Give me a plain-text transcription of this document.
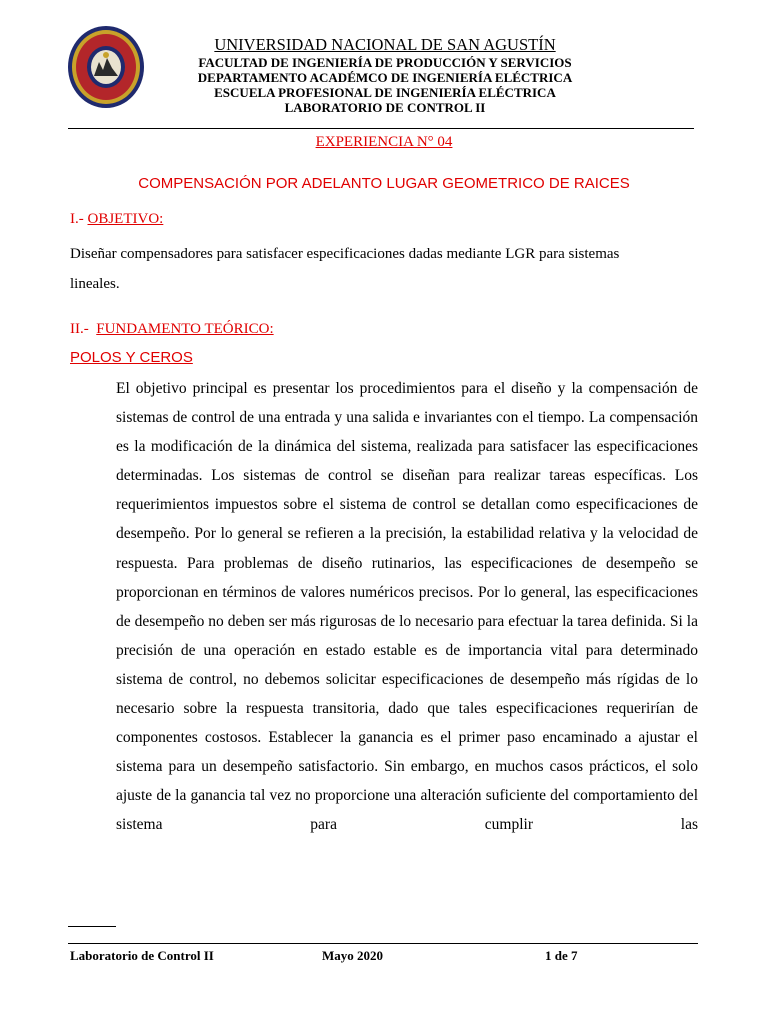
UNIVERSIDAD NACIONAL DE SAN AGUSTÍN
FACULTAD DE INGENIERÍA DE PRODUCCIÓN Y SERVICIOS
DEPARTAMENTO ACADÉMCO DE INGENIERÍA ELÉCTRICA
ESCUELA PROFESIONAL DE INGENIERÍA ELÉCTRICA
LABORATORIO DE CONTROL II
EXPERIENCIA N° 04
COMPENSACIÓN POR ADELANTO LUGAR GEOMETRICO DE RAICES
I.- OBJETIVO:

Diseñar compensadores para satisfacer especificaciones dadas mediante LGR para sistemas lineales.

II.- FUNDAMENTO TEÓRICO:
POLOS Y CEROS

El objetivo principal es presentar los procedimientos para el diseño y la compensación de sistemas de control de una entrada y una salida e invariantes con el tiempo. La compensación es la modificación de la dinámica del sistema, realizada para satisfacer las especificaciones determinadas. Los sistemas de control se diseñan para realizar tareas específicas. Los requerimientos impuestos sobre el sistema de control se detallan como especificaciones de desempeño. Por lo general se refieren a la precisión, la estabilidad relativa y la velocidad de respuesta. Para problemas de diseño rutinarios, las especificaciones de desempeño se proporcionan en términos de valores numéricos precisos. Por lo general, las especificaciones de desempeño no deben ser más rigurosas de lo necesario para efectuar la tarea definida. Si la precisión de una operación en estado estable es de importancia vital para determinado sistema de control, no debemos solicitar especificaciones de desempeño más rígidas de lo necesario sobre la respuesta transitoria, dado que tales especificaciones requerirían de componentes costosos. Establecer la ganancia es el primer paso encaminado a ajustar el sistema para un desempeño satisfactorio. Sin embargo, en muchos casos prácticos, el solo ajuste de la ganancia tal vez no proporcione una alteración suficiente del comportamiento del sistema para cumplir las

Laboratorio de Control II	Mayo 2020	1 de 7
